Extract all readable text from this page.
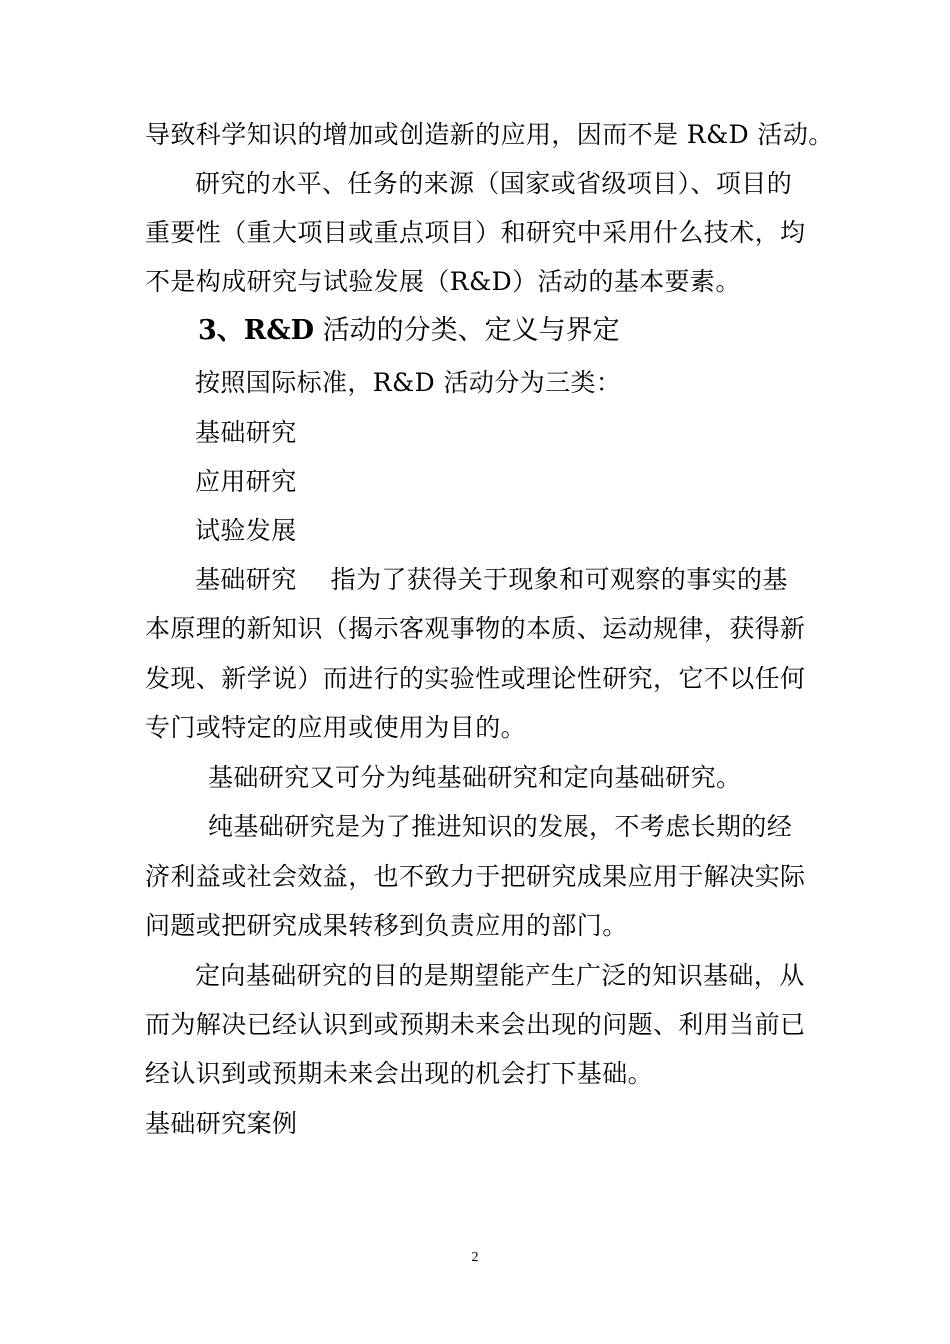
导致科学知识的增加或创造新的应用，因而不是 R&D 活动。
研究的水平、任务的来源（国家或省级项目）、项目的
重要性（重大项目或重点项目）和研究中采用什么技术，均
不是构成研究与试验发展（R&D）活动的基本要素。
3、R&D 活动的分类、定义与界定
按照国际标准，R&D 活动分为三类：
基础研究
应用研究
试验发展
基础研究 指为了获得关于现象和可观察的事实的基
本原理的新知识（揭示客观事物的本质、运动规律，获得新
发现、新学说）而进行的实验性或理论性研究，它不以任何
专门或特定的应用或使用为目的。
基础研究又可分为纯基础研究和定向基础研究。
纯基础研究是为了推进知识的发展，不考虑长期的经
济利益或社会效益，也不致力于把研究成果应用于解决实际
问题或把研究成果转移到负责应用的部门。
定向基础研究的目的是期望能产生广泛的知识基础，从
而为解决已经认识到或预期未来会出现的问题、利用当前已
经认识到或预期未来会出现的机会打下基础。
基础研究案例
2
